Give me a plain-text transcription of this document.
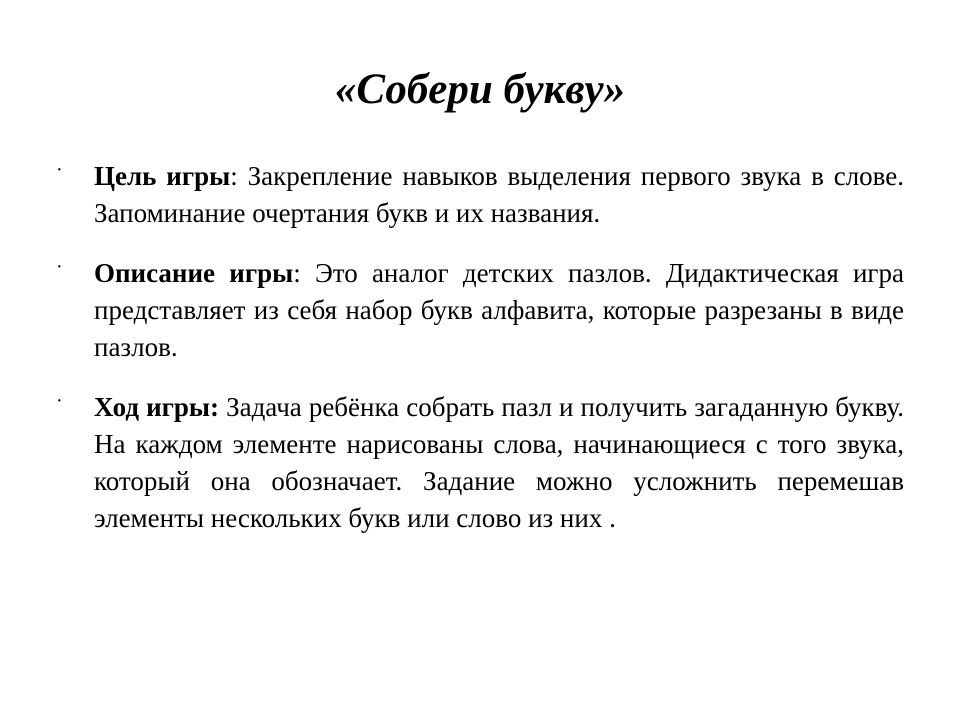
«Собери букву»
· Цель игры: Закрепление навыков выделения первого звука в слове. Запоминание очертания букв и их названия.
· Описание игры: Это аналог детских пазлов. Дидактическая игра представляет из себя набор букв алфавита, которые разрезаны в виде пазлов.
· Ход игры: Задача ребёнка собрать пазл и получить загаданную букву. На каждом элементе нарисованы слова, начинающиеся с того звука, который она обозначает. Задание можно усложнить перемешав элементы нескольких букв или слово из них .
